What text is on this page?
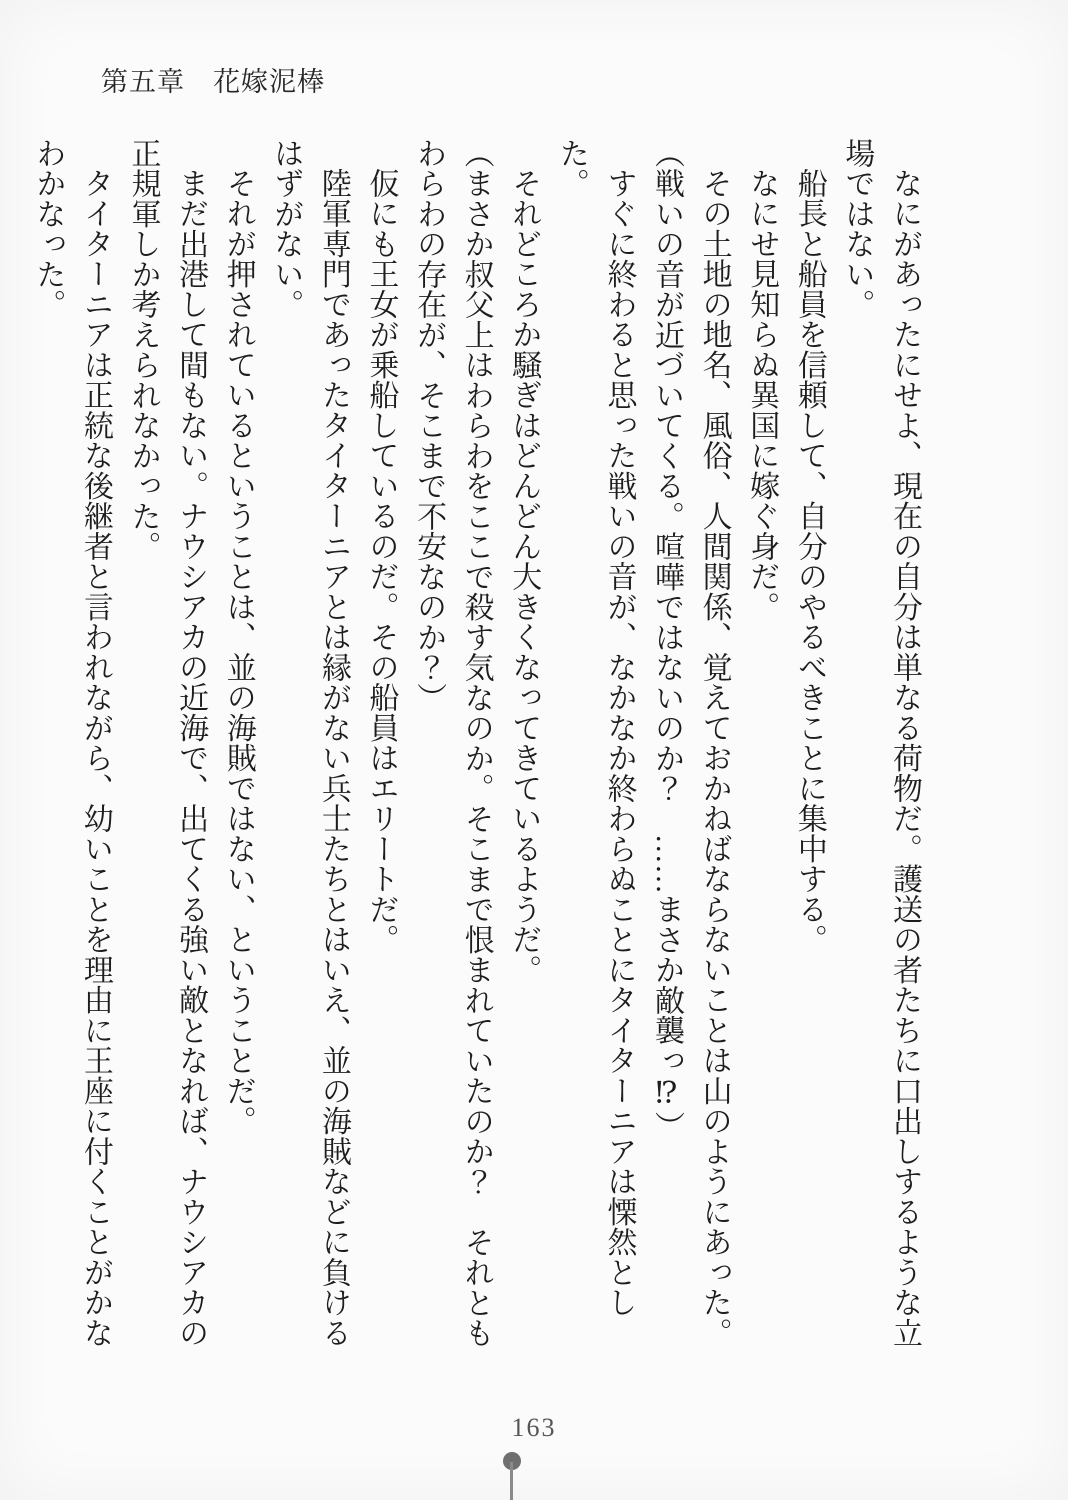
第五章　花嫁泥棒

なにがあったにせよ、現在の自分は単なる荷物だ。護送の者たちに口出しするような立場ではない。

船長と船員を信頼して、自分のやるべきことに集中する。

なにせ見知らぬ異国に嫁ぐ身だ。

その土地の地名、風俗、人間関係、覚えておかねばならないことは山のようにあった。

（戦いの音が近づいてくる。喧嘩ではないのか？　……まさか敵襲っ⁉）

すぐに終わると思った戦いの音が、なかなか終わらぬことにタイターニアは慄然とした。

それどころか騒ぎはどんどん大きくなってきているようだ。

（まさか叔父上はわらわをここで殺す気なのか。そこまで恨まれていたのか？　それともわらわの存在が、そこまで不安なのか？）

仮にも王女が乗船しているのだ。その船員はエリートだ。

陸軍専門であったタイターニアとは縁がない兵士たちとはいえ、並の海賊などに負けるはずがない。

それが押されているということは、並の海賊ではない、ということだ。

まだ出港して間もない。ナウシアカの近海で、出てくる強い敵となれば、ナウシアカの正規軍しか考えられなかった。

タイターニアは正統な後継者と言われながら、幼いことを理由に王座に付くことがかなわかなった。

163
